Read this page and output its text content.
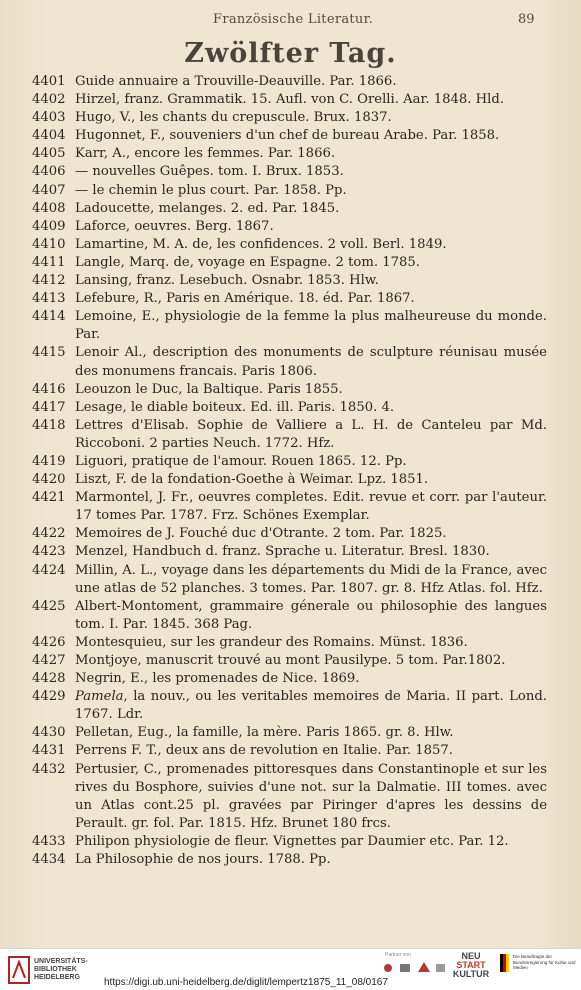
Französische Literatur.	89
Zwölfter Tag.
4401 Guide annuaire a Trouville-Deauville. Par. 1866.
4402 Hirzel, franz. Grammatik. 15. Aufl. von C. Orelli. Aar. 1848. Hld.
4403 Hugo, V., les chants du crepuscule. Brux. 1837.
4404 Hugonnet, F., souveniers d'un chef de bureau Arabe. Par. 1858.
4405 Karr, A., encore les femmes. Par. 1866.
4406 — nouvelles Guêpes. tom. I. Brux. 1853.
4407 — le chemin le plus court. Par. 1858. Pp.
4408 Ladoucette, melanges. 2. ed. Par. 1845.
4409 Laforce, oeuvres. Berg. 1867.
4410 Lamartine, M. A. de, les confidences. 2 voll. Berl. 1849.
4411 Langle, Marq. de, voyage en Espagne. 2 tom. 1785.
4412 Lansing, franz. Lesebuch. Osnabr. 1853. Hlw.
4413 Lefebure, R., Paris en Amérique. 18. éd. Par. 1867.
4414 Lemoine, E., physiologie de la femme la plus malheureuse du monde. Par.
4415 Lenoir Al., description des monuments de sculpture réunisau musée des monumens francais. Paris 1806.
4416 Leouzon le Duc, la Baltique. Paris 1855.
4417 Lesage, le diable boiteux. Ed. ill. Paris. 1850. 4.
4418 Lettres d'Elisab. Sophie de Valliere a L. H. de Canteleu par Md. Riccoboni. 2 parties Neuch. 1772. Hfz.
4419 Liguori, pratique de l'amour. Rouen 1865. 12. Pp.
4420 Liszt, F. de la fondation-Goethe à Weimar. Lpz. 1851.
4421 Marmontel, J. Fr., oeuvres completes. Edit. revue et corr. par l'auteur. 17 tomes Par. 1787. Frz. Schönes Exemplar.
4422 Memoires de J. Fouché duc d'Otrante. 2 tom. Par. 1825.
4423 Menzel, Handbuch d. franz. Sprache u. Literatur. Bresl. 1830.
4424 Millin, A. L., voyage dans les départements du Midi de la France, avec une atlas de 52 planches. 3 tomes. Par. 1807. gr. 8. Hfz Atlas. fol. Hfz.
4425 Albert-Montoment, grammaire génerale ou philosophie des langues tom. I. Par. 1845. 368 Pag.
4426 Montesquieu, sur les grandeur des Romains. Münst. 1836.
4427 Montjoye, manuscrit trouvé au mont Pausilype. 5 tom. Par.1802.
4428 Negrin, E., les promenades de Nice. 1869.
4429 Pamela, la nouv., ou les veritables memoires de Maria. II part. Lond. 1767. Ldr.
4430 Pelletan, Eug., la famille, la mère. Paris 1865. gr. 8. Hlw.
4431 Perrens F. T., deux ans de revolution en Italie. Par. 1857.
4432 Pertusier, C., promenades pittoresques dans Constantinople et sur les rives du Bosphore, suivies d'une not. sur la Dalmatie. III tomes. avec un Atlas cont.25 pl. gravées par Piringer d'apres les dessins de Perault. gr. fol. Par. 1815. Hfz. Brunet 180 frcs.
4433 Philipon physiologie de fleur. Vignettes par Daumier etc. Par. 12.
4434 La Philosophie de nos jours. 1788. Pp.
UNIVERSITÄTS-
BIBLIOTHEK
HEIDELBERG	https://digi.ub.uni-heidelberg.de/diglit/lempertz1875_11_08/0167
Partner von	NEU
START
KULTUR
Die Beauftragte der Bundesregierung für Kultur und Medien
